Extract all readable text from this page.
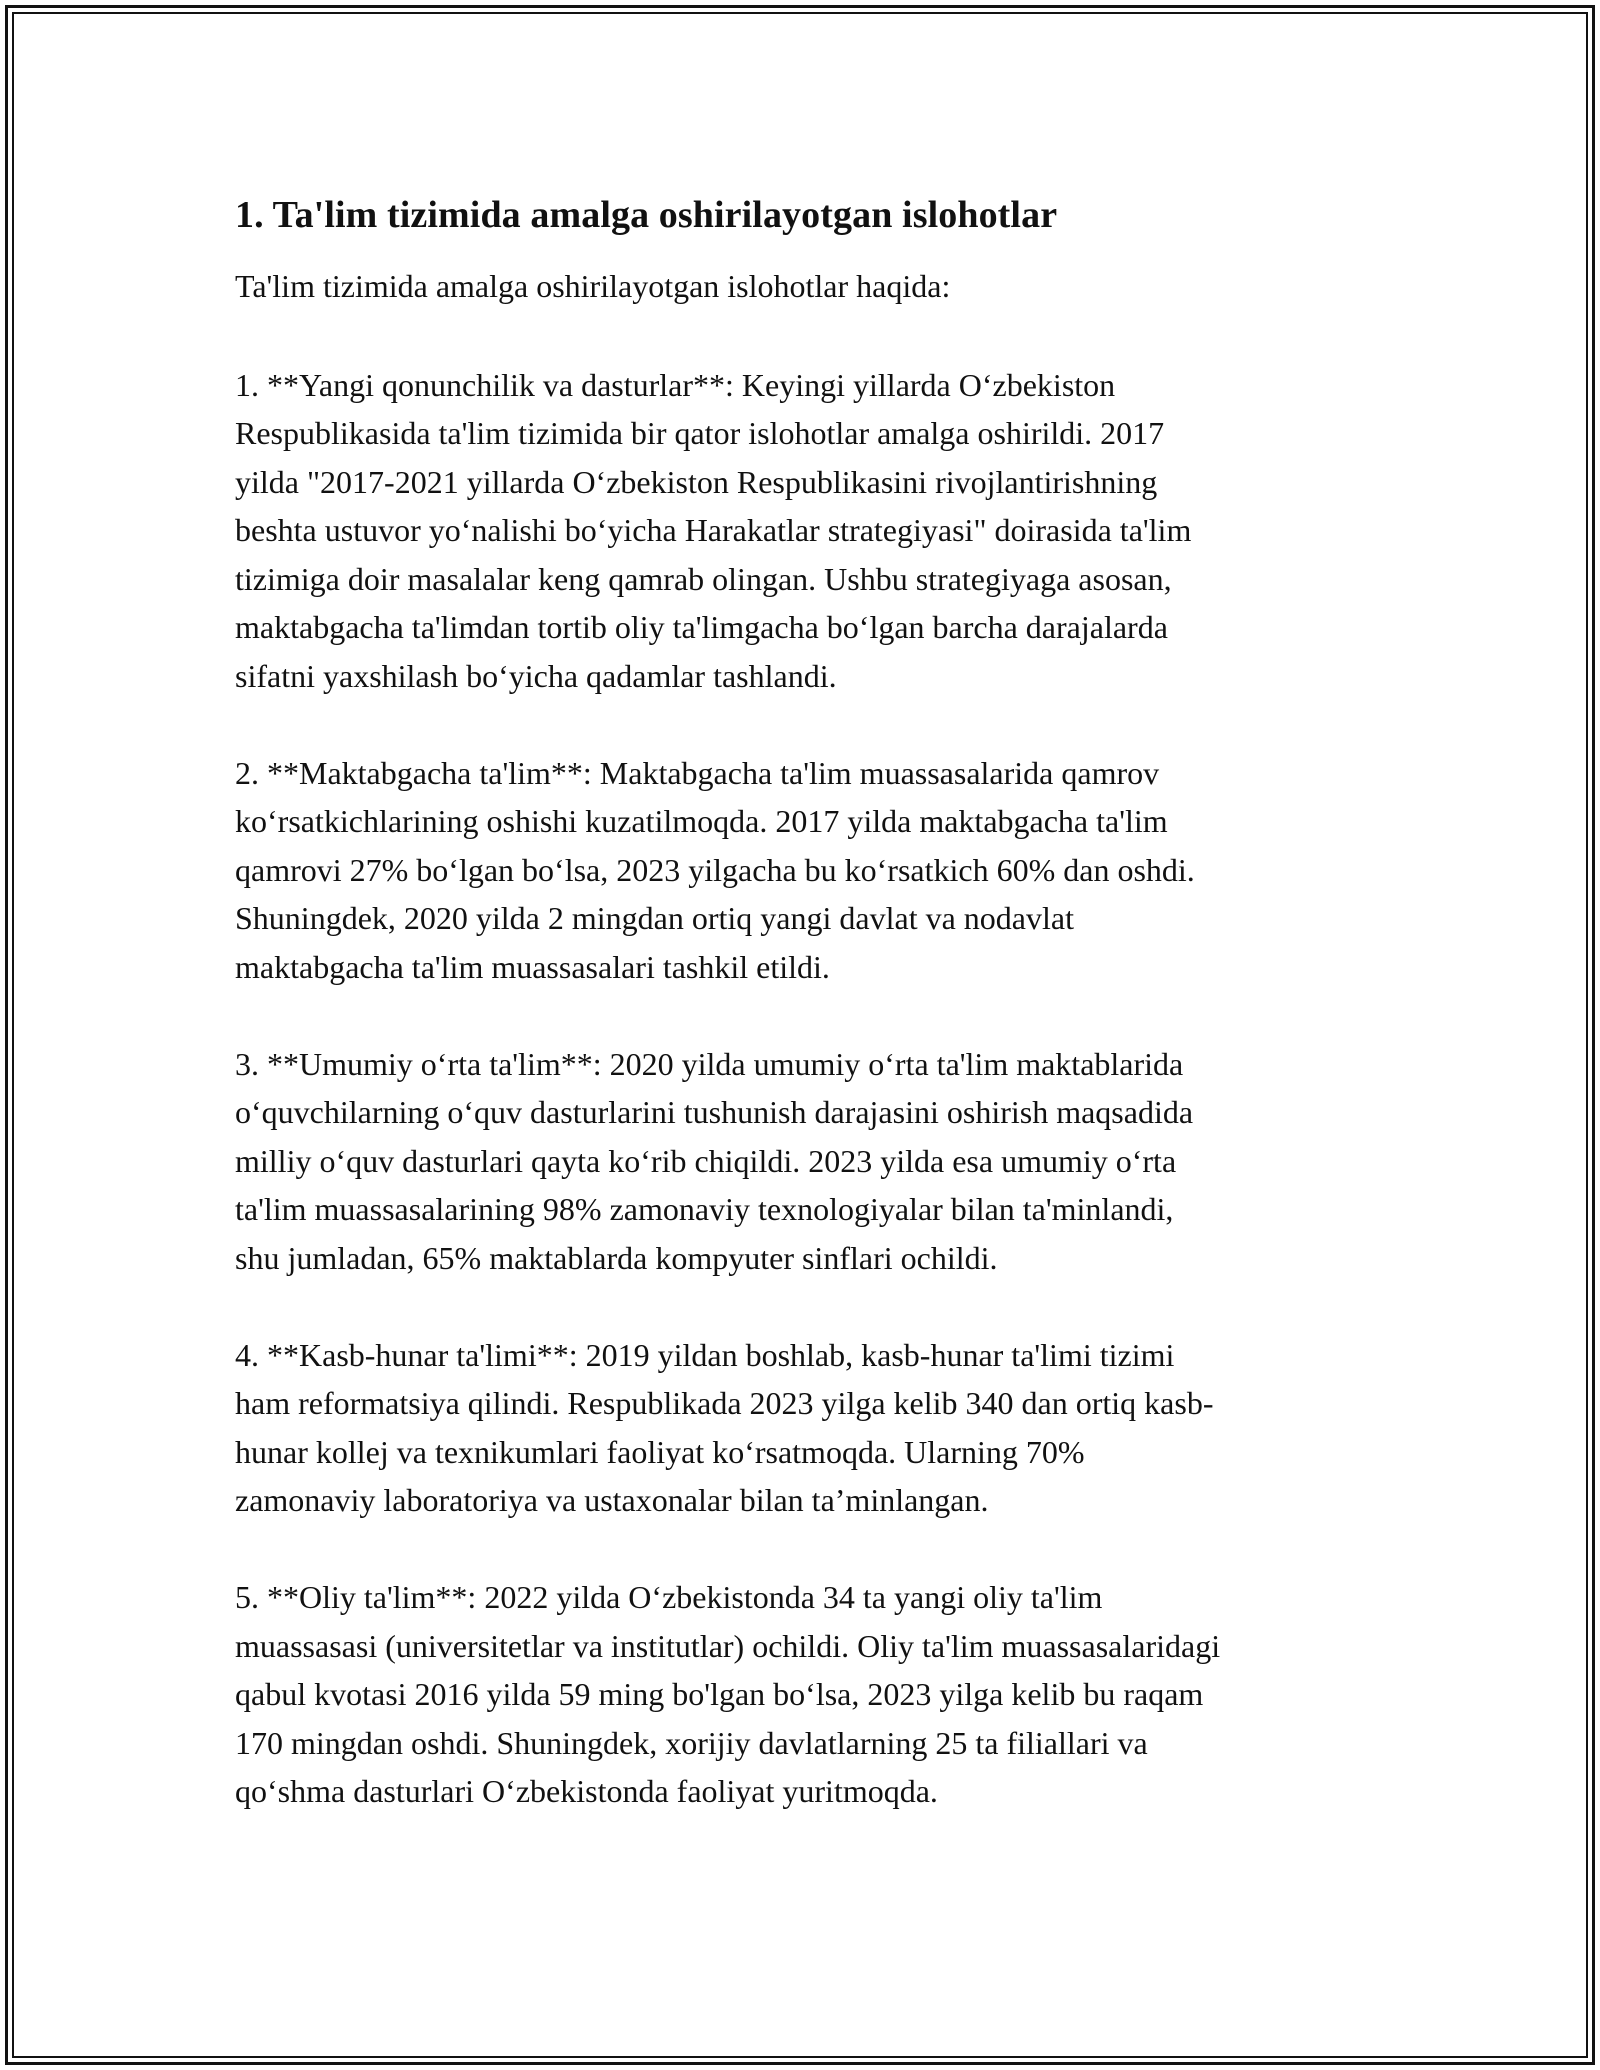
1. Ta'lim tizimida amalga oshirilayotgan islohotlar

Ta'lim tizimida amalga oshirilayotgan islohotlar haqida:

1. **Yangi qonunchilik va dasturlar**: Keyingi yillarda O‘zbekiston
Respublikasida ta'lim tizimida bir qator islohotlar amalga oshirildi. 2017
yilda "2017-2021 yillarda O‘zbekiston Respublikasini rivojlantirishning
beshta ustuvor yo‘nalishi bo‘yicha Harakatlar strategiyasi" doirasida ta'lim
tizimiga doir masalalar keng qamrab olingan. Ushbu strategiyaga asosan,
maktabgacha ta'limdan tortib oliy ta'limgacha bo‘lgan barcha darajalarda
sifatni yaxshilash bo‘yicha qadamlar tashlandi.

2. **Maktabgacha ta'lim**: Maktabgacha ta'lim muassasalarida qamrov
ko‘rsatkichlarining oshishi kuzatilmoqda. 2017 yilda maktabgacha ta'lim
qamrovi 27% bo‘lgan bo‘lsa, 2023 yilgacha bu ko‘rsatkich 60% dan oshdi.
Shuningdek, 2020 yilda 2 mingdan ortiq yangi davlat va nodavlat
maktabgacha ta'lim muassasalari tashkil etildi.

3. **Umumiy o‘rta ta'lim**: 2020 yilda umumiy o‘rta ta'lim maktablarida
o‘quvchilarning o‘quv dasturlarini tushunish darajasini oshirish maqsadida
milliy o‘quv dasturlari qayta ko‘rib chiqildi. 2023 yilda esa umumiy o‘rta
ta'lim muassasalarining 98% zamonaviy texnologiyalar bilan ta'minlandi,
shu jumladan, 65% maktablarda kompyuter sinflari ochildi.

4. **Kasb-hunar ta'limi**: 2019 yildan boshlab, kasb-hunar ta'limi tizimi
ham reformatsiya qilindi. Respublikada 2023 yilga kelib 340 dan ortiq kasb-
hunar kollej va texnikumlari faoliyat ko‘rsatmoqda. Ularning 70%
zamonaviy laboratoriya va ustaxonalar bilan ta’minlangan.

5. **Oliy ta'lim**: 2022 yilda O‘zbekistonda 34 ta yangi oliy ta'lim
muassasasi (universitetlar va institutlar) ochildi. Oliy ta'lim muassasalaridagi
qabul kvotasi 2016 yilda 59 ming bo'lgan bo‘lsa, 2023 yilga kelib bu raqam
170 mingdan oshdi. Shuningdek, xorijiy davlatlarning 25 ta filiallari va
qo‘shma dasturlari O‘zbekistonda faoliyat yuritmoqda.
